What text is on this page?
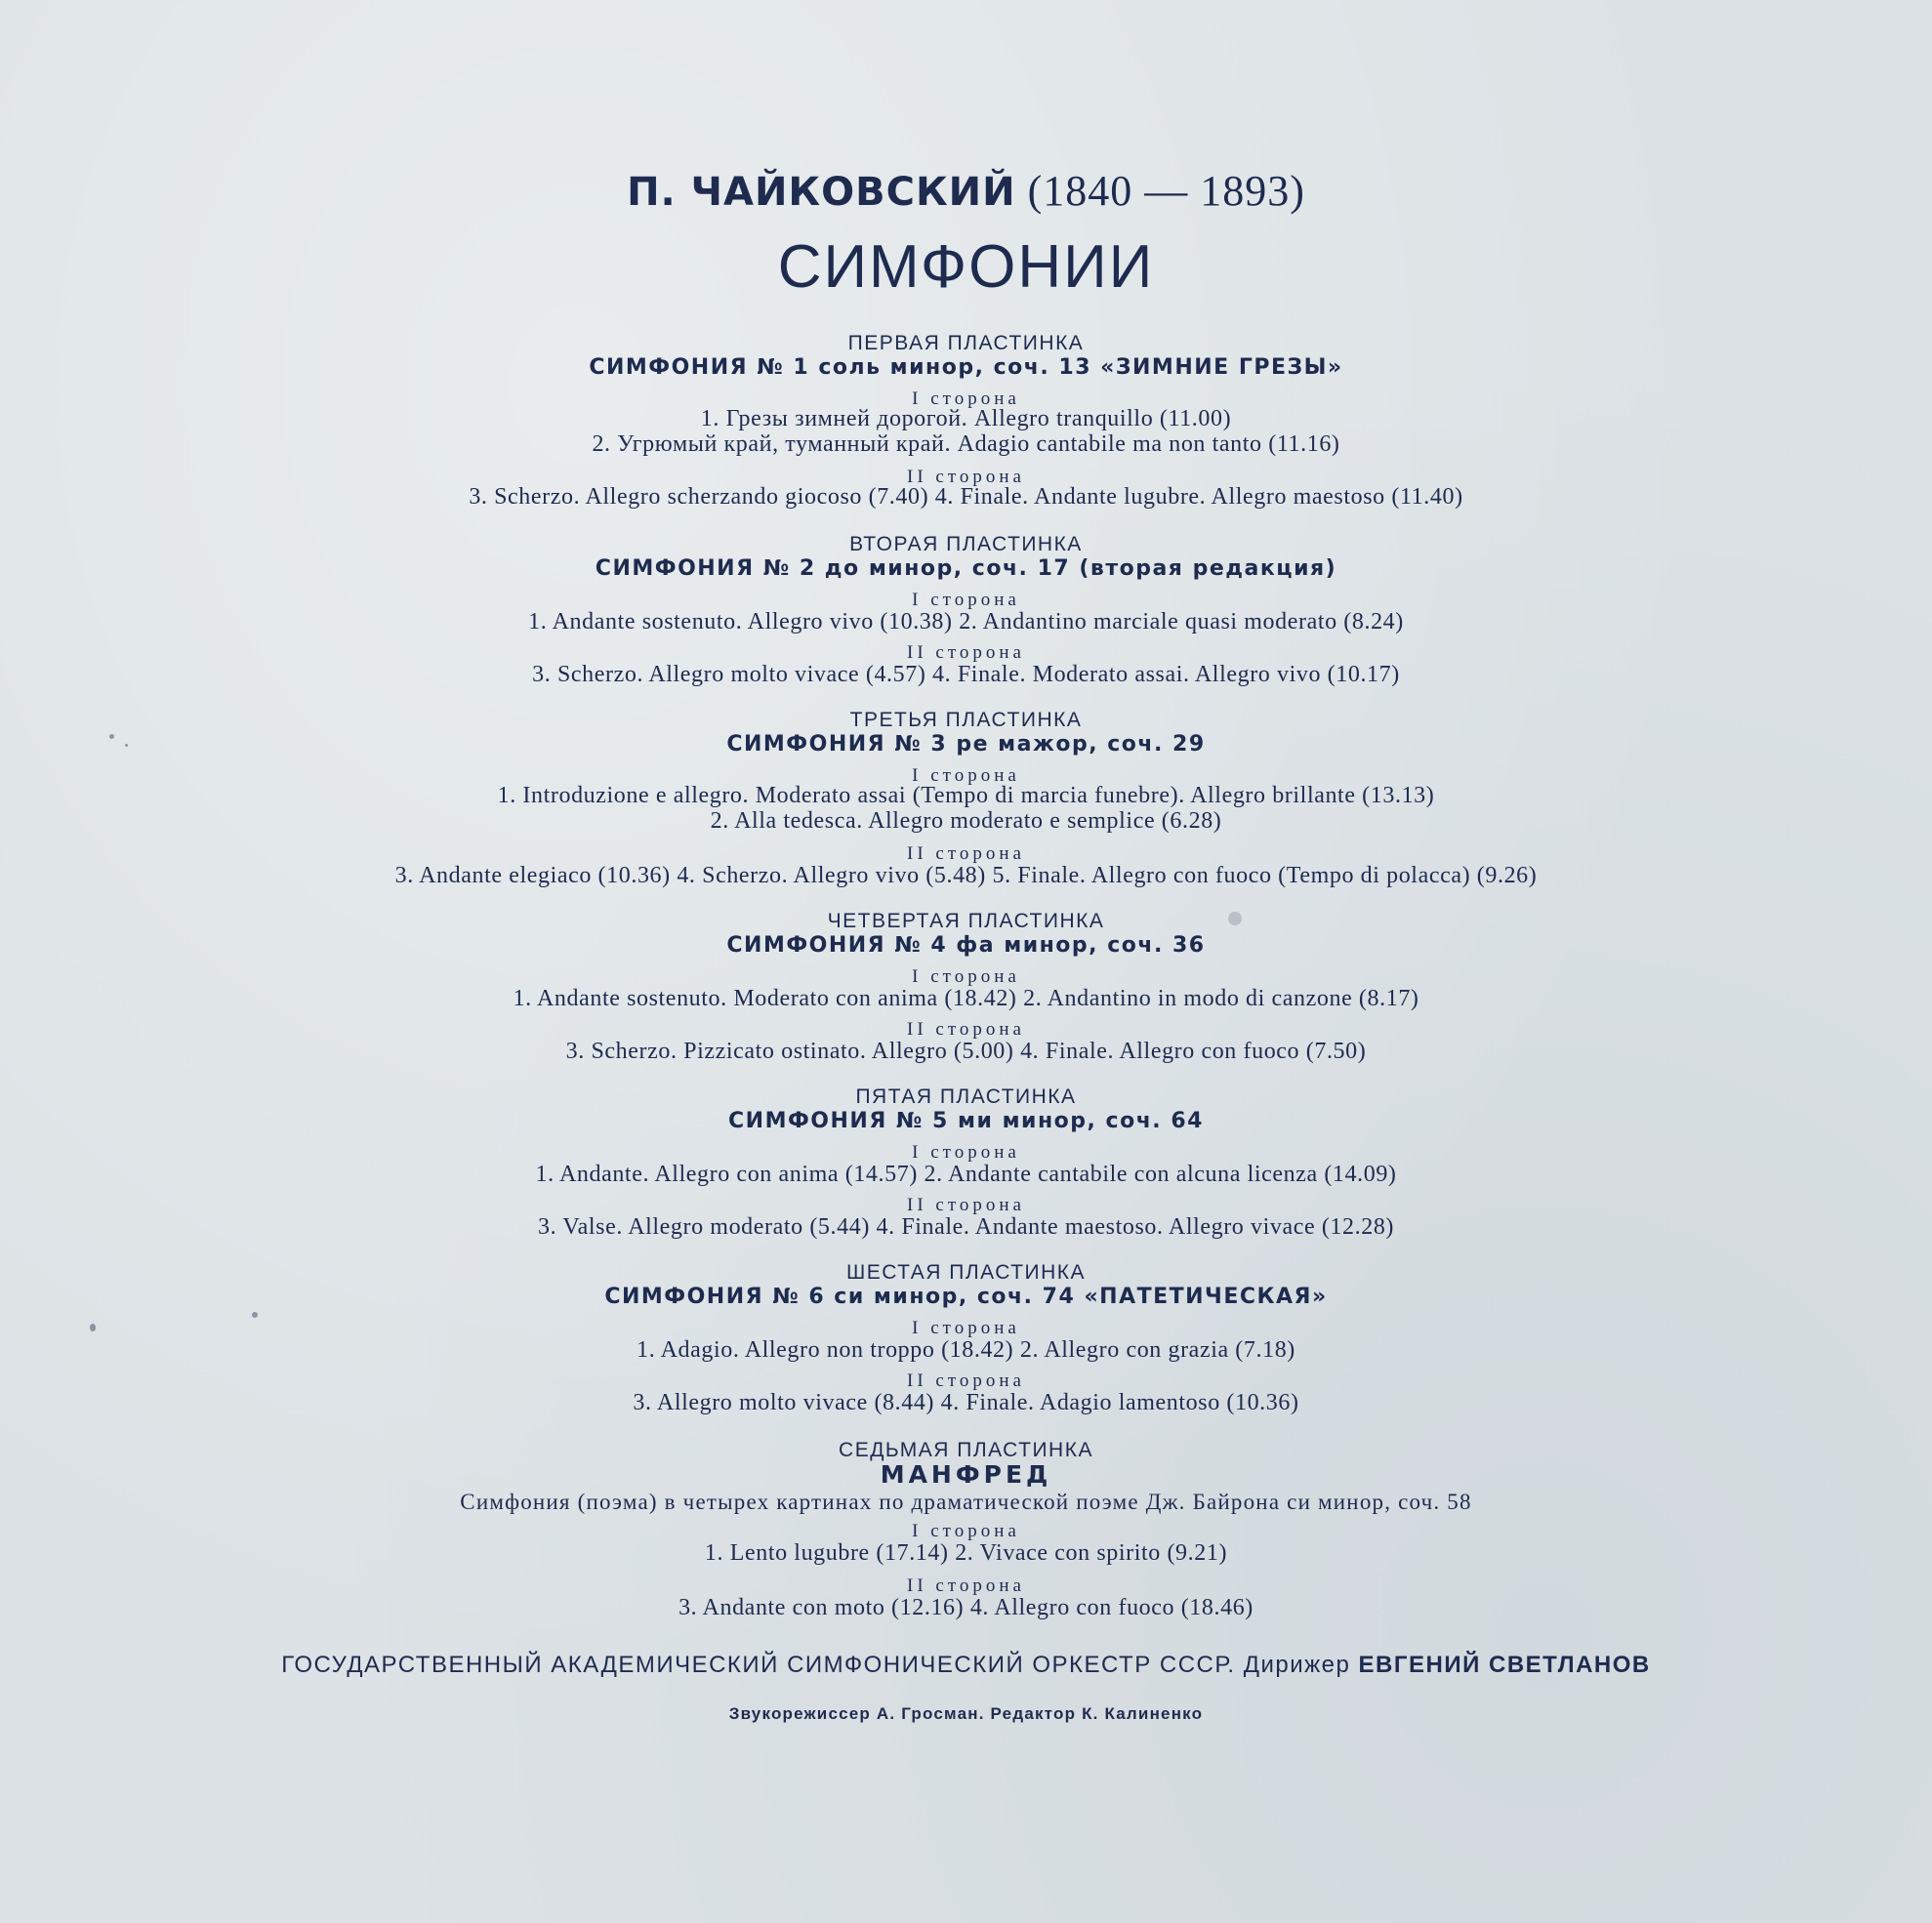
П. ЧАЙКОВСКИЙ (1840 — 1893)
СИМФОНИИ
ПЕРВАЯ ПЛАСТИНКА
СИМФОНИЯ № 1 соль минор, соч. 13 «ЗИМНИЕ ГРЕЗЫ»
I сторона
1. Грезы зимней дорогой. Allegro tranquillo (11.00)
2. Угрюмый край, туманный край. Adagio cantabile ma non tanto (11.16)
II сторона
3. Scherzo. Allegro scherzando giocoso (7.40) 4. Finale. Andante lugubre. Allegro maestoso (11.40)
ВТОРАЯ ПЛАСТИНКА
СИМФОНИЯ № 2 до минор, соч. 17 (вторая редакция)
I сторона
1. Andante sostenuto. Allegro vivo (10.38) 2. Andantino marciale quasi moderato (8.24)
II сторона
3. Scherzo. Allegro molto vivace (4.57) 4. Finale. Moderato assai. Allegro vivo (10.17)
ТРЕТЬЯ ПЛАСТИНКА
СИМФОНИЯ № 3 ре мажор, соч. 29
I сторона
1. Introduzione e allegro. Moderato assai (Tempo di marcia funebre). Allegro brillante (13.13)
2. Alla tedesca. Allegro moderato e semplice (6.28)
II сторона
3. Andante elegiaco (10.36) 4. Scherzo. Allegro vivo (5.48) 5. Finale. Allegro con fuoco (Tempo di polacca) (9.26)
ЧЕТВЕРТАЯ ПЛАСТИНКА
СИМФОНИЯ № 4 фа минор, соч. 36
I сторона
1. Andante sostenuto. Moderato con anima (18.42) 2. Andantino in modo di canzone (8.17)
II сторона
3. Scherzo. Pizzicato ostinato. Allegro (5.00) 4. Finale. Allegro con fuoco (7.50)
ПЯТАЯ ПЛАСТИНКА
СИМФОНИЯ № 5 ми минор, соч. 64
I сторона
1. Andante. Allegro con anima (14.57) 2. Andante cantabile con alcuna licenza (14.09)
II сторона
3. Valse. Allegro moderato (5.44) 4. Finale. Andante maestoso. Allegro vivace (12.28)
ШЕСТАЯ ПЛАСТИНКА
СИМФОНИЯ № 6 си минор, соч. 74 «ПАТЕТИЧЕСКАЯ»
I сторона
1. Adagio. Allegro non troppo (18.42) 2. Allegro con grazia (7.18)
II сторона
3. Allegro molto vivace (8.44) 4. Finale. Adagio lamentoso (10.36)
СЕДЬМАЯ ПЛАСТИНКА
МАНФРЕД
Симфония (поэма) в четырех картинах по драматической поэме Дж. Байрона си минор, соч. 58
I сторона
1. Lento lugubre (17.14) 2. Vivace con spirito (9.21)
II сторона
3. Andante con moto (12.16) 4. Allegro con fuoco (18.46)
ГОСУДАРСТВЕННЫЙ АКАДЕМИЧЕСКИЙ СИМФОНИЧЕСКИЙ ОРКЕСТР СССР. Дирижер ЕВГЕНИЙ СВЕТЛАНОВ
Звукорежиссер А. Гросман. Редактор К. Калиненко
